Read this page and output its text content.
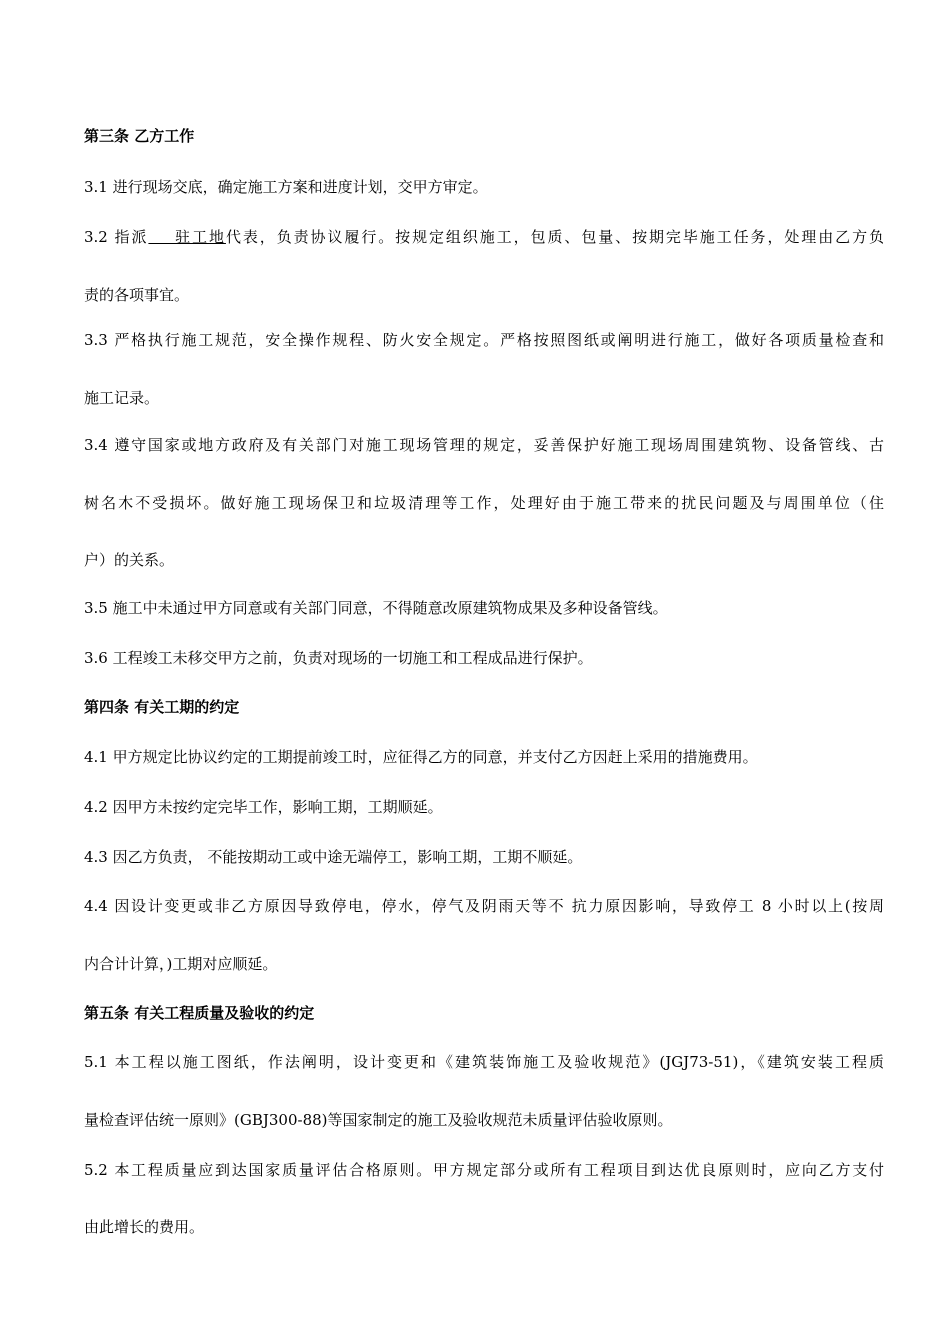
第三条 乙方工作
3.1 进行现场交底，确定施工方案和进度计划，交甲方审定。
3.2 指派    驻工地代表，负责协议履行。按规定组织施工，包质、包量、按期完毕施工任务，处理由乙方负
责的各项事宜。
3.3 严格执行施工规范，安全操作规程、防火安全规定。严格按照图纸或阐明进行施工，做好各项质量检查和
施工记录。
3.4 遵守国家或地方政府及有关部门对施工现场管理的规定，妥善保护好施工现场周围建筑物、设备管线、古
树名木不受损坏。做好施工现场保卫和垃圾清理等工作，处理好由于施工带来的扰民问题及与周围单位（住
户）的关系。
3.5 施工中未通过甲方同意或有关部门同意，不得随意改原建筑物成果及多种设备管线。
3.6 工程竣工未移交甲方之前，负责对现场的一切施工和工程成品进行保护。
第四条 有关工期的约定
4.1 甲方规定比协议约定的工期提前竣工时，应征得乙方的同意，并支付乙方因赶上采用的措施费用。
4.2 因甲方未按约定完毕工作，影响工期，工期顺延。
4.3 因乙方负责， 不能按期动工或中途无端停工，影响工期，工期不顺延。
4.4 因设计变更或非乙方原因导致停电，停水，停气及阴雨天等不 抗力原因影响，导致停工 8 小时以上(按周
内合计计算，)工期对应顺延。
第五条 有关工程质量及验收的约定
5.1 本工程以施工图纸，作法阐明，设计变更和《建筑装饰施工及验收规范》(JGJ73-51)，《建筑安装工程质
量检查评估统一原则》(GBJ300-88)等国家制定的施工及验收规范未质量评估验收原则。
5.2 本工程质量应到达国家质量评估合格原则。甲方规定部分或所有工程项目到达优良原则时，应向乙方支付
由此增长的费用。
